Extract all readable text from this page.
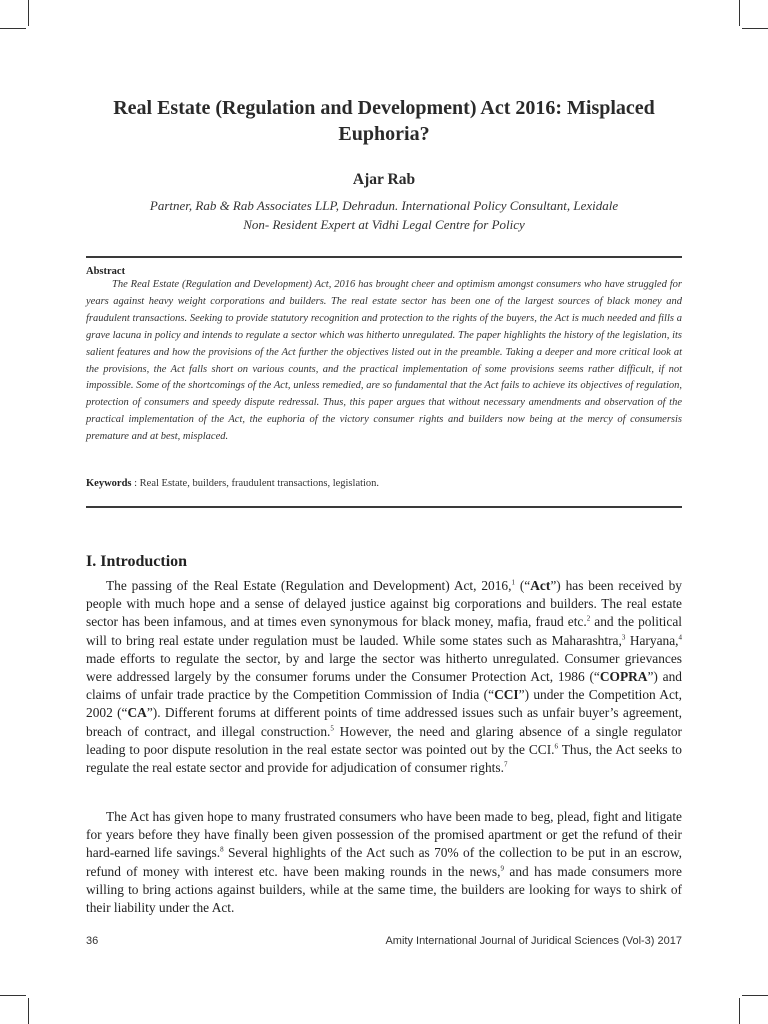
Real Estate (Regulation and Development) Act 2016: Misplaced Euphoria?
Ajar Rab
Partner, Rab & Rab Associates LLP, Dehradun. International Policy Consultant, Lexidale
Non- Resident Expert at Vidhi Legal Centre for Policy
Abstract
The Real Estate (Regulation and Development) Act, 2016 has brought cheer and optimism amongst consumers who have struggled for years against heavy weight corporations and builders. The real estate sector has been one of the largest sources of black money and fraudulent transactions. Seeking to provide statutory recognition and protection to the rights of the buyers, the Act is much needed and fills a grave lacuna in policy and intends to regulate a sector which was hitherto unregulated. The paper highlights the history of the legislation, its salient features and how the provisions of the Act further the objectives listed out in the preamble. Taking a deeper and more critical look at the provisions, the Act falls short on various counts, and the practical implementation of some provisions seems rather difficult, if not impossible. Some of the shortcomings of the Act, unless remedied, are so fundamental that the Act fails to achieve its objectives of regulation, protection of consumers and speedy dispute redressal. Thus, this paper argues that without necessary amendments and observation of the practical implementation of the Act, the euphoria of the victory consumer rights and builders now being at the mercy of consumersis premature and at best, misplaced.
Keywords : Real Estate, builders, fraudulent transactions, legislation.
I. Introduction
The passing of the Real Estate (Regulation and Development) Act, 2016,$^1$ (“Act”) has been received by people with much hope and a sense of delayed justice against big corporations and builders. The real estate sector has been infamous, and at times even synonymous for black money, mafia, fraud etc.$^2$ and the political will to bring real estate under regulation must be lauded. While some states such as Maharashtra,$^3$ Haryana,$^4$ made efforts to regulate the sector, by and large the sector was hitherto unregulated. Consumer grievances were addressed largely by the consumer forums under the Consumer Protection Act, 1986 (“COPRA”) and claims of unfair trade practice by the Competition Commission of India (“CCI”) under the Competition Act, 2002 (“CA”). Different forums at different points of time addressed issues such as unfair buyer’s agreement, breach of contract, and illegal construction.$^5$ However, the need and glaring absence of a single regulator leading to poor dispute resolution in the real estate sector was pointed out by the CCI.$^6$ Thus, the Act seeks to regulate the real estate sector and provide for adjudication of consumer rights.$^7$
The Act has given hope to many frustrated consumers who have been made to beg, plead, fight and litigate for years before they have finally been given possession of the promised apartment or get the refund of their hard-earned life savings.$^8$ Several highlights of the Act such as 70% of the collection to be put in an escrow, refund of money with interest etc. have been making rounds in the news,$^9$ and has made consumers more willing to bring actions against builders, while at the same time, the builders are looking for ways to shirk of their liability under the Act.
36	Amity International Journal of Juridical Sciences (Vol-3) 2017
